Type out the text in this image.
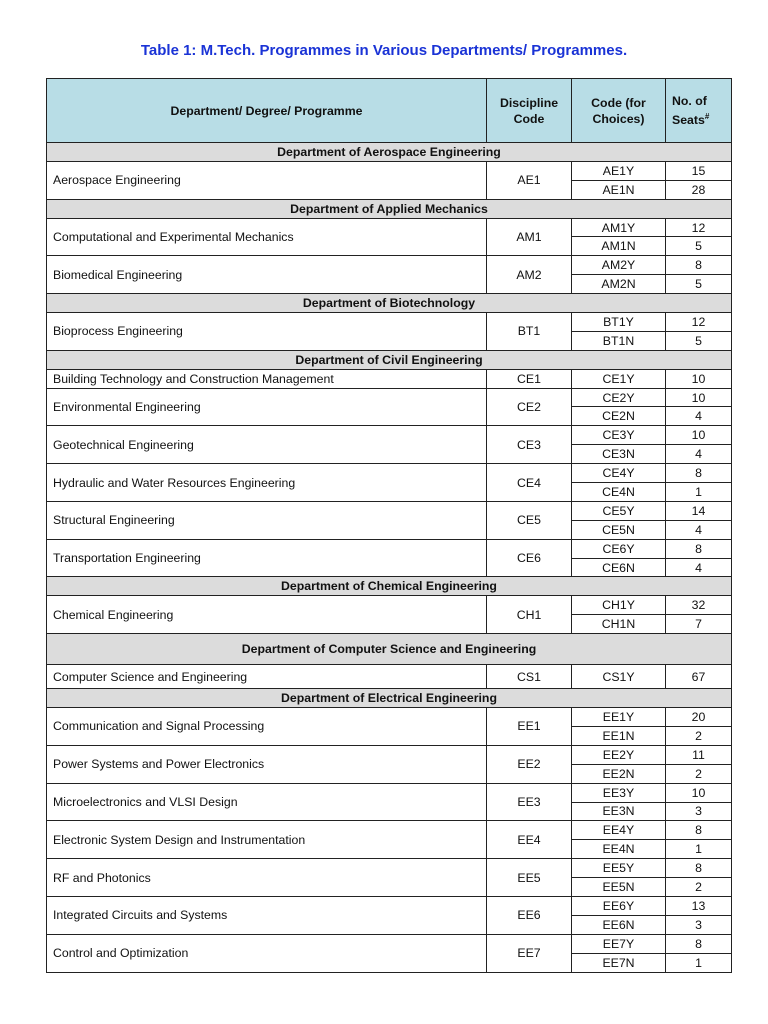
Table 1: M.Tech. Programmes in Various Departments/ Programmes.
Department/ Degree/ Programme	Discipline Code	Code (for Choices)	No. of Seats#
Department of Aerospace Engineering			
Aerospace Engineering	AE1	AE1Y	15
		AE1N	28
Department of Applied Mechanics			
Computational and Experimental Mechanics	AM1	AM1Y	12
		AM1N	5
Biomedical Engineering	AM2	AM2Y	8
		AM2N	5
Department of Biotechnology			
Bioprocess Engineering	BT1	BT1Y	12
		BT1N	5
Department of Civil Engineering			
Building Technology and Construction Management	CE1	CE1Y	10
Environmental Engineering	CE2	CE2Y	10
		CE2N	4
Geotechnical Engineering	CE3	CE3Y	10
		CE3N	4
Hydraulic and Water Resources Engineering	CE4	CE4Y	8
		CE4N	1
Structural Engineering	CE5	CE5Y	14
		CE5N	4
Transportation Engineering	CE6	CE6Y	8
		CE6N	4
Department of Chemical Engineering			
Chemical Engineering	CH1	CH1Y	32
		CH1N	7
Department of Computer Science and Engineering			
Computer Science and Engineering	CS1	CS1Y	67
Department of Electrical Engineering			
Communication and Signal Processing	EE1	EE1Y	20
		EE1N	2
Power Systems and Power Electronics	EE2	EE2Y	11
		EE2N	2
Microelectronics and VLSI Design	EE3	EE3Y	10
		EE3N	3
Electronic System Design and Instrumentation	EE4	EE4Y	8
		EE4N	1
RF and Photonics	EE5	EE5Y	8
		EE5N	2
Integrated Circuits and Systems	EE6	EE6Y	13
		EE6N	3
Control and Optimization	EE7	EE7Y	8
		EE7N	1
